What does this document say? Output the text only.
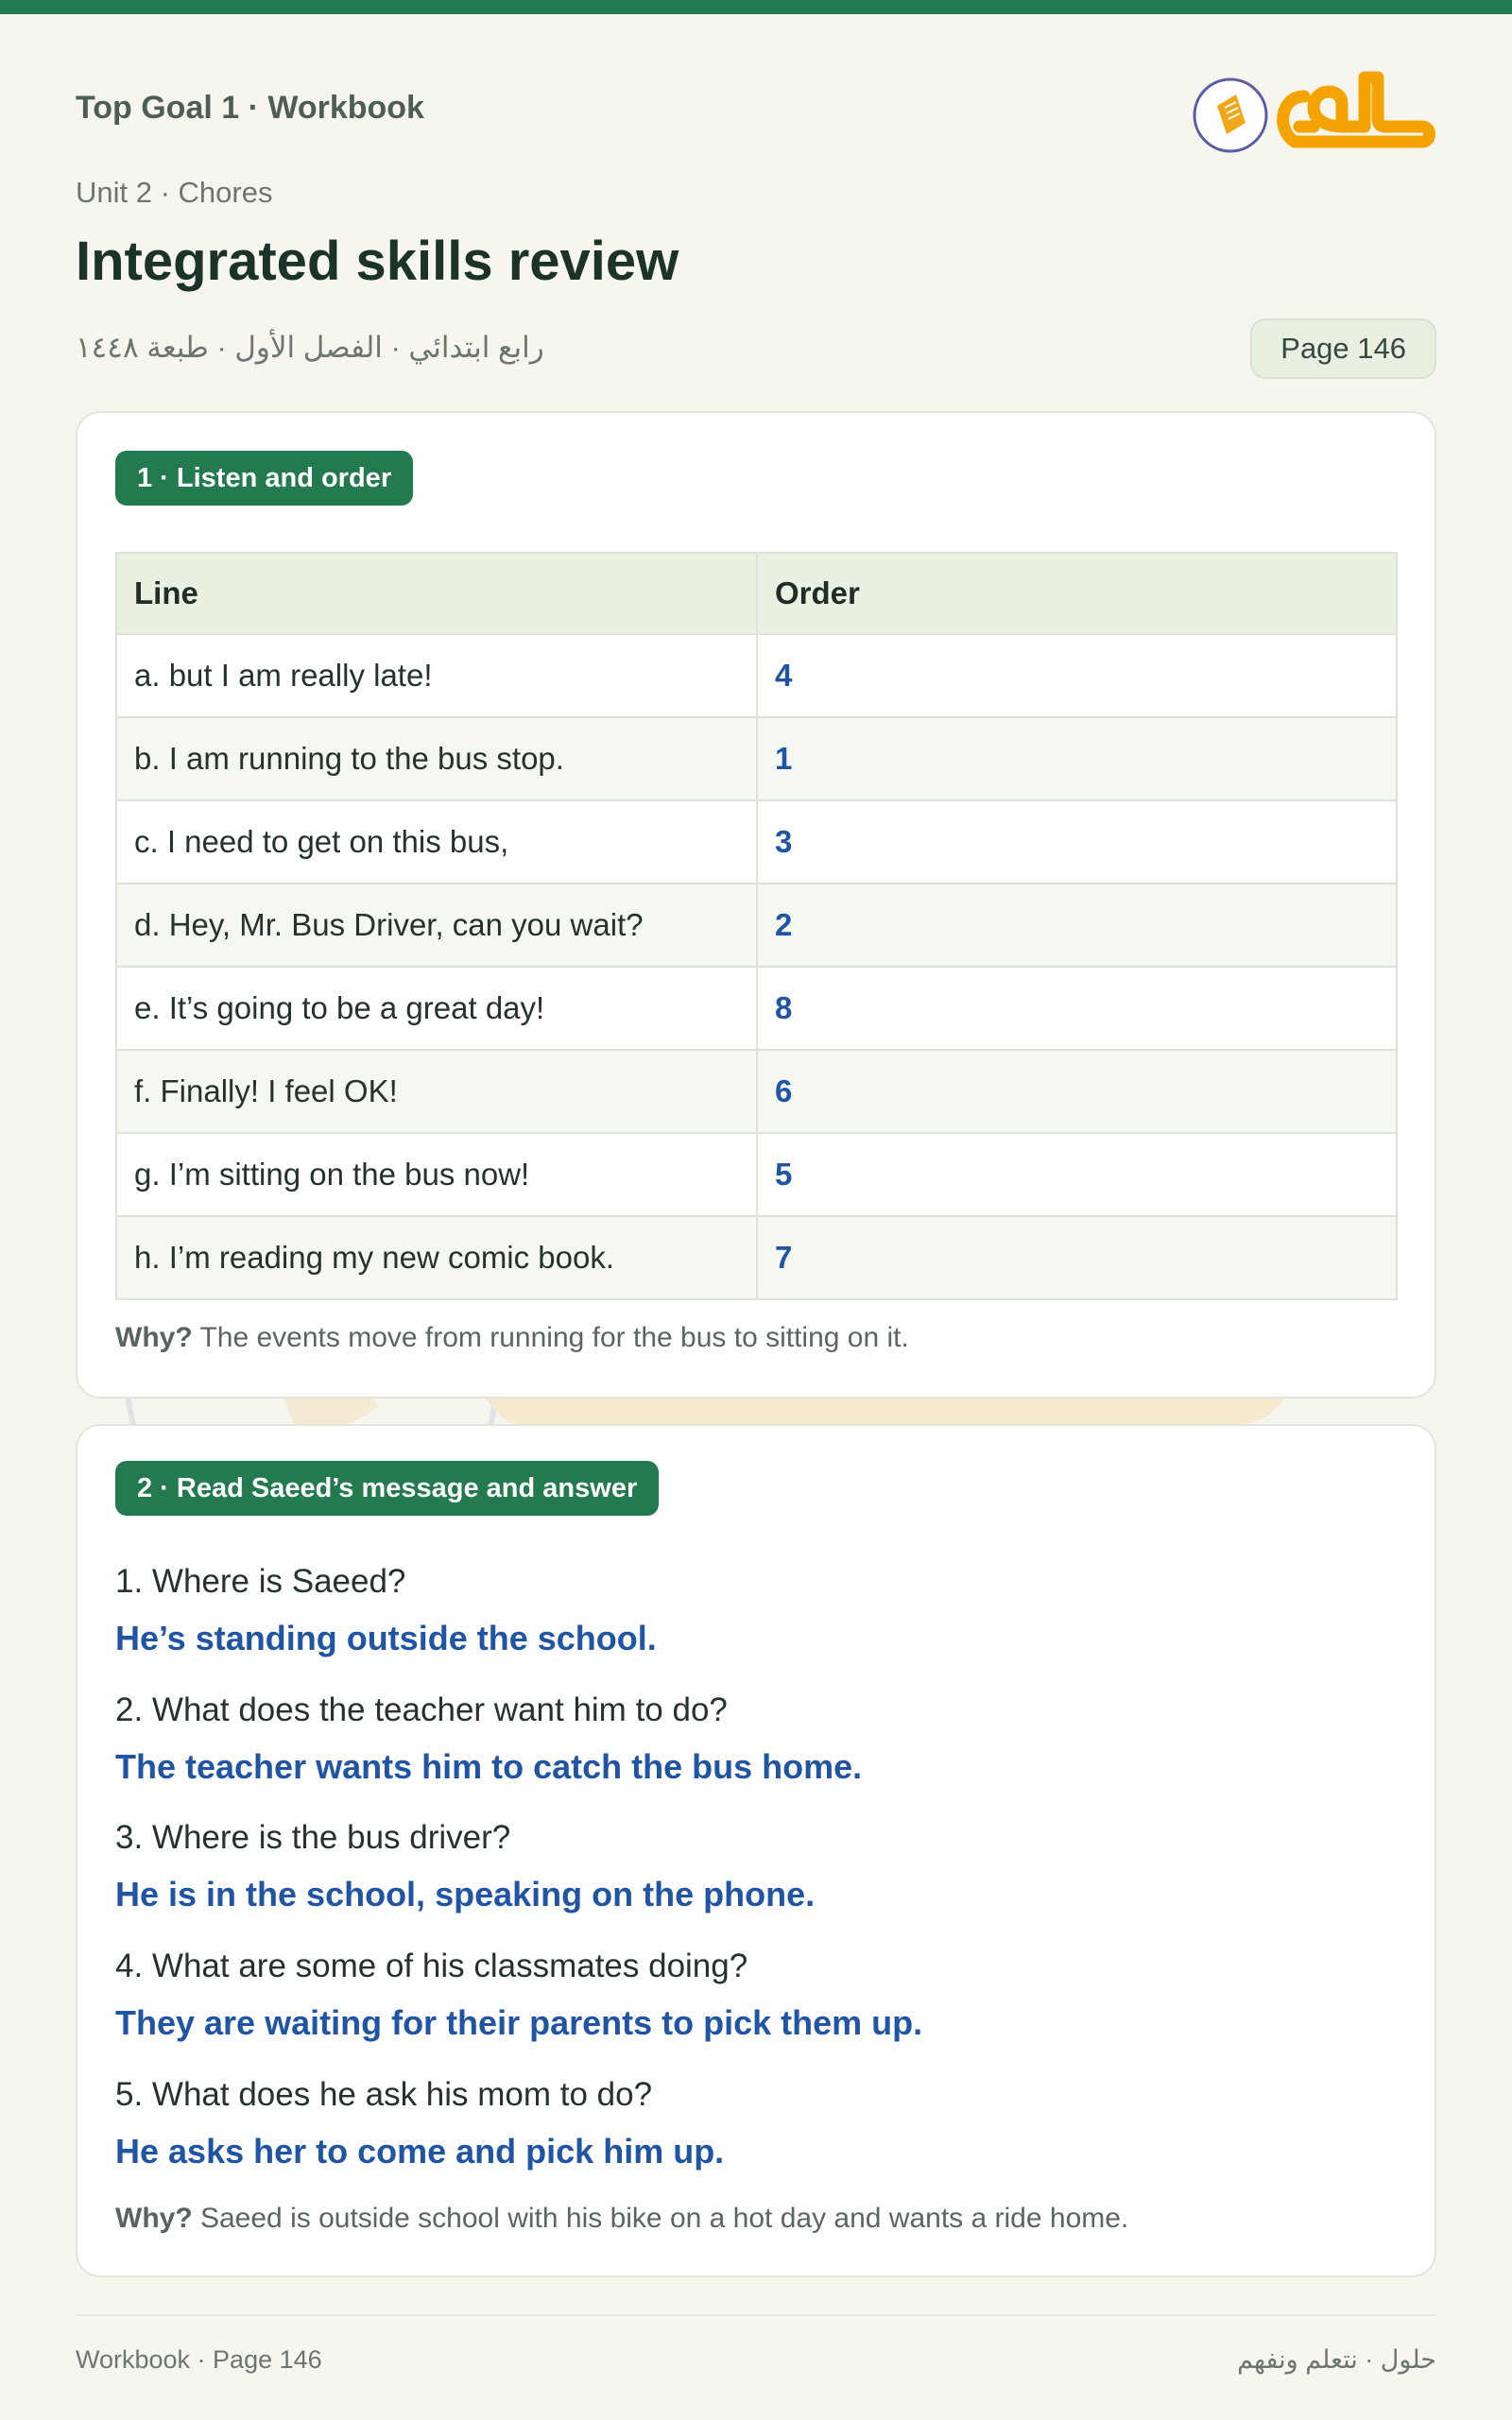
Top Goal 1 · Workbook
Unit 2 · Chores
Integrated skills review
رابع ابتدائي · الفصل الأول · طبعة ١٤٤٨	Page 146
1 · Listen and order
Line	Order
a. but I am really late!	4
b. I am running to the bus stop.	1
c. I need to get on this bus,	3
d. Hey, Mr. Bus Driver, can you wait?	2
e. It’s going to be a great day!	8
f. Finally! I feel OK!	6
g. I’m sitting on the bus now!	5
h. I’m reading my new comic book.	7

Why? The events move from running for the bus to sitting on it.

2 · Read Saeed’s message and answer
1. Where is Saeed?
He’s standing outside the school.
2. What does the teacher want him to do?
The teacher wants him to catch the bus home.
3. Where is the bus driver?
He is in the school, speaking on the phone.
4. What are some of his classmates doing?
They are waiting for their parents to pick them up.
5. What does he ask his mom to do?
He asks her to come and pick him up.

Why? Saeed is outside school with his bike on a hot day and wants a ride home.

Workbook · Page 146	حلول · نتعلم ونفهم
